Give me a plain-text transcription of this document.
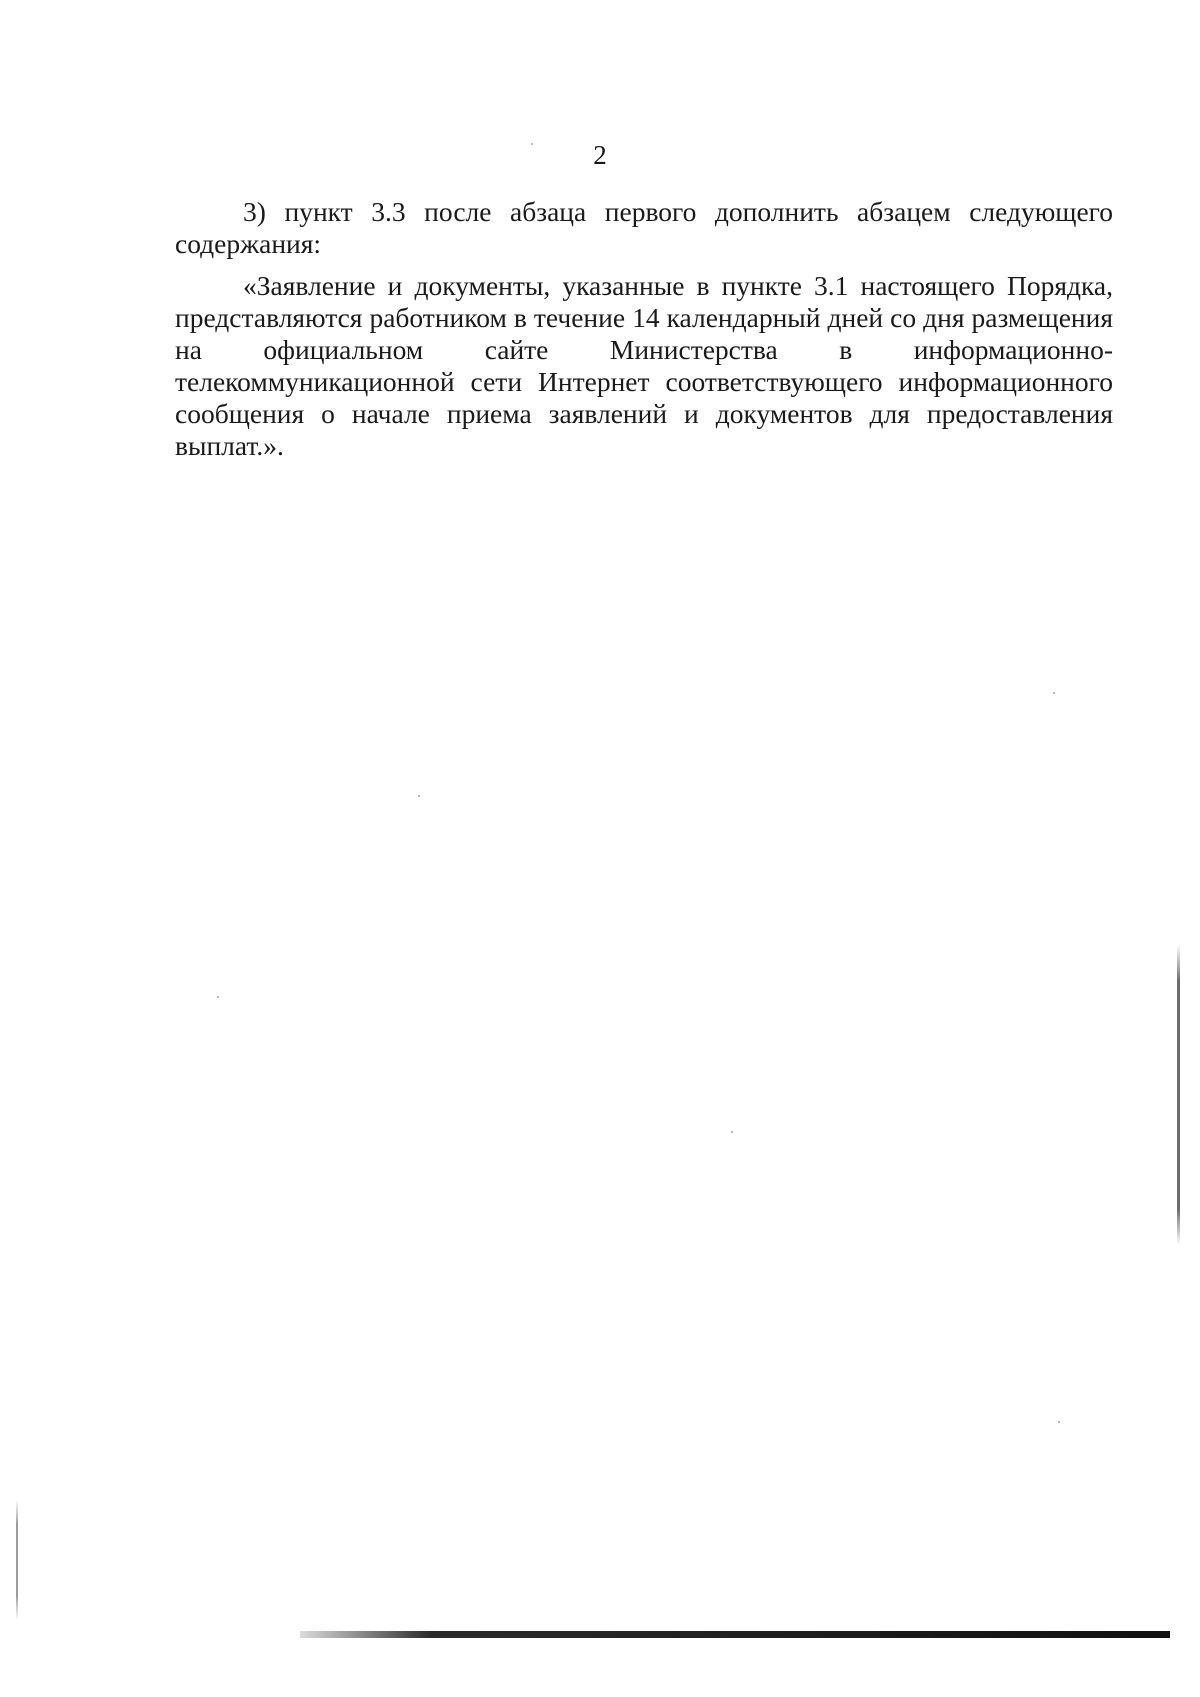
2

3) пункт 3.3 после абзаца первого дополнить абзацем следующего содержания:

«Заявление и документы, указанные в пункте 3.1 настоящего Порядка, представляются работником в течение 14 календарный дней со дня размещения на официальном сайте Министерства в информационно-телекоммуникационной сети Интернет соответствующего информационного сообщения о начале приема заявлений и документов для предоставления выплат.».
